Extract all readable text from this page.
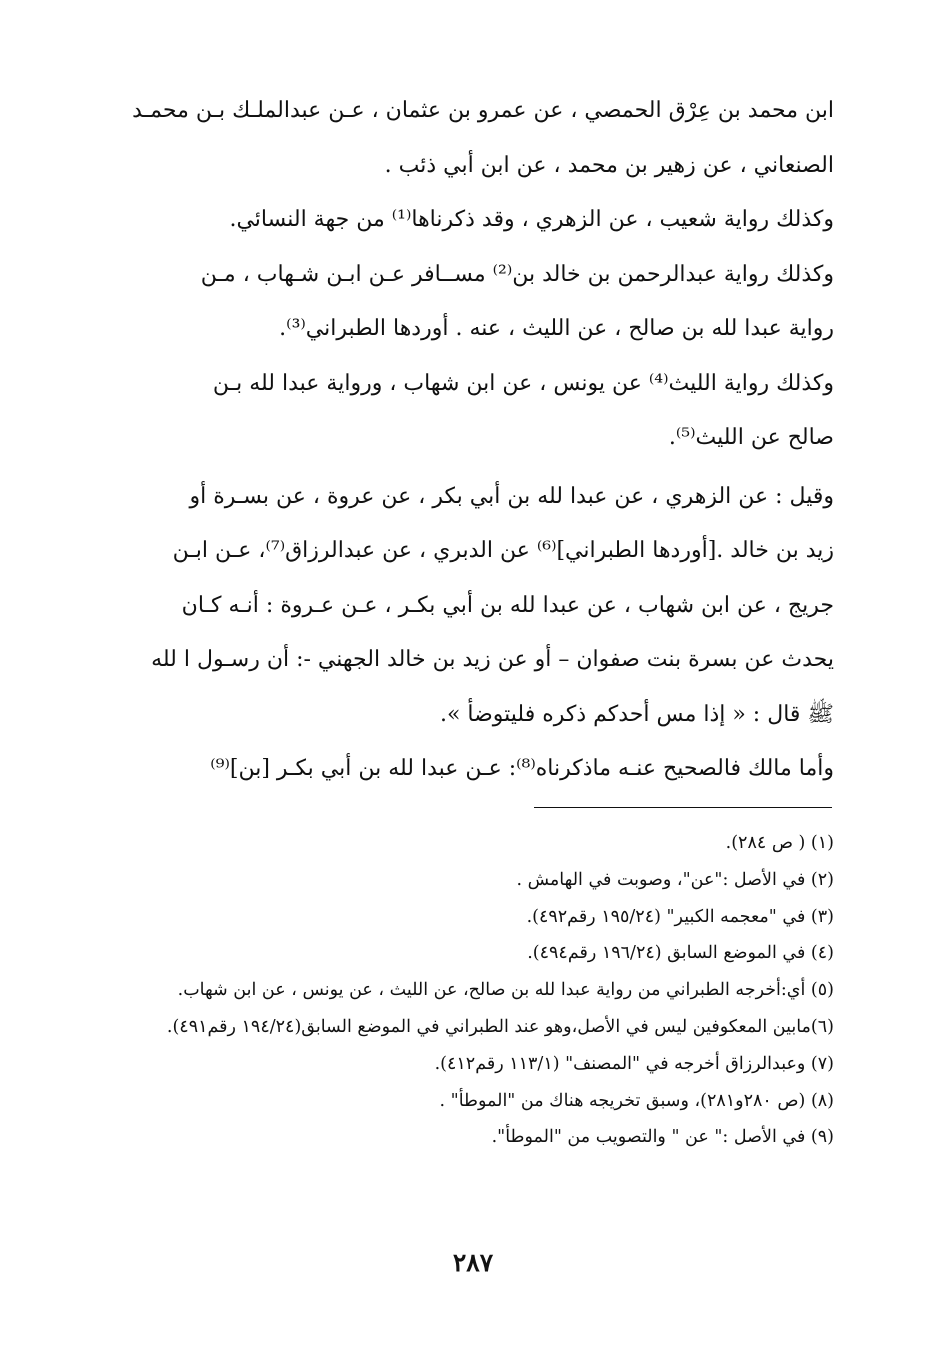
ابن محمد بن عِرْق الحمصي ، عن عمرو بن عثمان ، عـن عبدالملـك بـن محمـد

الصنعاني ، عن زهير بن محمد ، عن ابن أبي ذئب .

وكذلك رواية شعيب ، عن الزهري ، وقد ذكرناها⁽¹⁾ من جهة النسائي.

وكذلك رواية عبدالرحمن بن خالد بن⁽²⁾ مســافر عـن ابـن شـهاب ، مـن

رواية عبدا لله بن صالح ، عن الليث ، عنه . أوردها الطبراني⁽³⁾.

وكذلك رواية الليث⁽⁴⁾ عن يونس ، عن ابن شهاب ، ورواية عبدا لله بـن

صالح عن الليث⁽⁵⁾.

وقيل : عن الزهري ، عن عبدا لله بن أبي بكر ، عن عروة ، عن بسـرة أو

زيد بن خالد .[أوردها الطبراني]⁽⁶⁾ عن الدبري ، عن عبدالرزاق⁽⁷⁾، عـن ابـن

جريج ، عن ابن شهاب ، عن عبدا لله بن أبي بكـر ، عـن عـروة : أنـه كـان

يحدث عن بسرة بنت صفوان – أو عن زيد بن خالد الجهني -: أن رسـول ا لله

ﷺ قال : « إذا مس أحدكم ذكره فليتوضأ ».

وأما مالك فالصحيح عنـه ماذكرناه⁽⁸⁾: عـن عبدا لله بن أبي بكـر [بن]⁽⁹⁾

(١) ( ص ٢٨٤).

(٢) في الأصل :"عن"، وصوبت في الهامش .

(٣) في "معجمه الكبير" (١٩٥/٢٤ رقم٤٩٢).

(٤) في الموضع السابق (١٩٦/٢٤ رقم٤٩٤).

(٥) أي:أخرجه الطبراني من رواية عبدا لله بن صالح، عن الليث ، عن يونس ، عن ابن شهاب.

(٦)مابين المعكوفين ليس في الأصل،وهو عند الطبراني في الموضع السابق(١٩٤/٢٤ رقم٤٩١).

(٧) وعبدالرزاق أخرجه في "المصنف" (١١٣/١ رقم٤١٢).

(٨) (ص ٢٨٠و٢٨١)، وسبق تخريجه هناك من "الموطأ" .

(٩) في الأصل :" عن " والتصويب من "الموطأ".

٢٨٧
